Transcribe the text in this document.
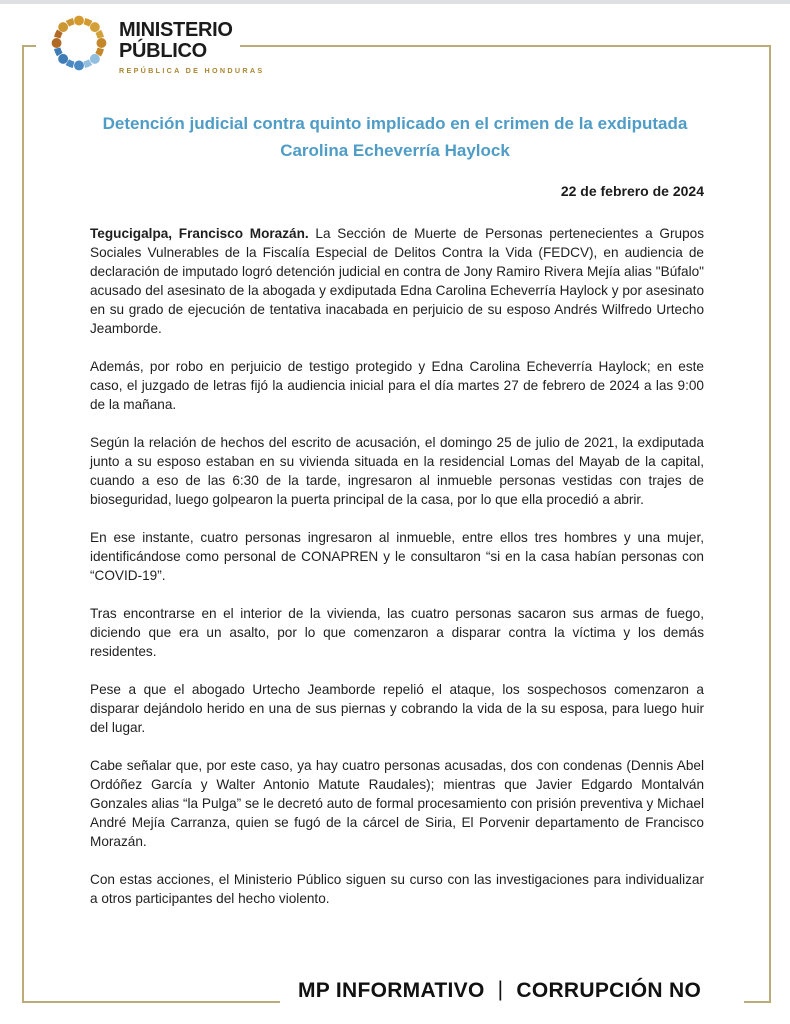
MINISTERIO
PÚBLICO
REPÚBLICA DE HONDURAS
Detención judicial contra quinto implicado en el crimen de la exdiputada
Carolina Echeverría Haylock
22 de febrero de 2024

Tegucigalpa, Francisco Morazán. La Sección de Muerte de Personas pertenecientes a Grupos Sociales Vulnerables de la Fiscalía Especial de Delitos Contra la Vida (FEDCV), en audiencia de declaración de imputado logró detención judicial en contra de Jony Ramiro Rivera Mejía alias "Búfalo" acusado del asesinato de la abogada y exdiputada Edna Carolina Echeverría Haylock y por asesinato en su grado de ejecución de tentativa inacabada en perjuicio de su esposo Andrés Wilfredo Urtecho Jeamborde.

Además, por robo en perjuicio de testigo protegido y Edna Carolina Echeverría Haylock; en este caso, el juzgado de letras fijó la audiencia inicial para el día martes 27 de febrero de 2024 a las 9:00 de la mañana.

Según la relación de hechos del escrito de acusación, el domingo 25 de julio de 2021, la exdiputada junto a su esposo estaban en su vivienda situada en la residencial Lomas del Mayab de la capital, cuando a eso de las 6:30 de la tarde, ingresaron al inmueble personas vestidas con trajes de bioseguridad, luego golpearon la puerta principal de la casa, por lo que ella procedió a abrir.

En ese instante, cuatro personas ingresaron al inmueble, entre ellos tres hombres y una mujer, identificándose como personal de CONAPREN y le consultaron “si en la casa habían personas con “COVID-19”.

Tras encontrarse en el interior de la vivienda, las cuatro personas sacaron sus armas de fuego, diciendo que era un asalto, por lo que comenzaron a disparar contra la víctima y los demás residentes.

Pese a que el abogado Urtecho Jeamborde repelió el ataque, los sospechosos comenzaron a disparar dejándolo herido en una de sus piernas y cobrando la vida de la su esposa, para luego huir del lugar.

Cabe señalar que, por este caso, ya hay cuatro personas acusadas, dos con condenas (Dennis Abel Ordóñez García y Walter Antonio Matute Raudales); mientras que Javier Edgardo Montalván Gonzales alias “la Pulga” se le decretó auto de formal procesamiento con prisión preventiva y Michael André Mejía Carranza, quien se fugó de la cárcel de Siria, El Porvenir departamento de Francisco Morazán.

Con estas acciones, el Ministerio Público siguen su curso con las investigaciones para individualizar a otros participantes del hecho violento.

MP INFORMATIVO | CORRUPCIÓN NO
